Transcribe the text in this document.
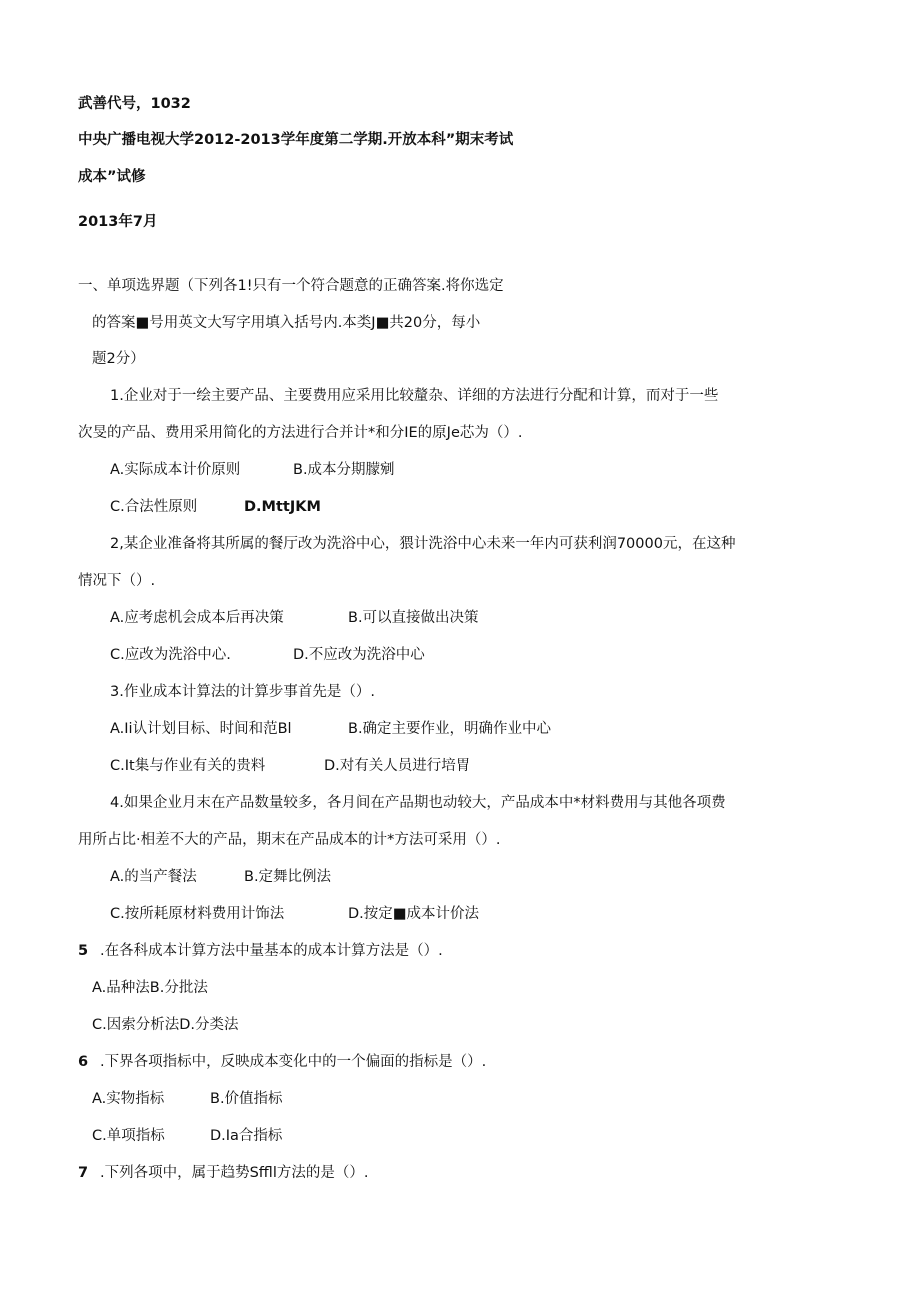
武善代号，1032
中央广播电视大学2012-2013学年度第二学期.开放本科”期末考试
成本”试修
2013年7月
一、单项选界题（下列各1!只有一个符合题意的正确答案.将你选定
的答案■号用英文大写字用填入括号内.本类J■共20分，每小
题2分）
1.企业对于一绘主要产品、主要费用应采用比较釐杂、详细的方法进行分配和计算，而对于一些
次旻的产品、费用采用简化的方法进行合并计*和分IE的原Je芯为（）.
A.实际成本计价原则	B.成本分期朦剜
C.合法性原则	D.MttJKM
2,某企业准备将其所属的餐厅改为洗浴中心，猥计洗浴中心未来一年内可获利润70000元，在这种
情况下（）.
A.应考虑机会成本后再决策	B.可以直接做出决策
C.应改为洗浴中心.	D.不应改为洗浴中心
3.作业成本计算法的计算步事首先是（）.
A.Ii认计划目标、时间和范Bl	B.确定主要作业，明确作业中心
C.It集与作业有关的贵料	D.对有关人员进行培胃
4.如果企业月末在产品数量较多，各月间在产品期也动较大，产品成本中*材料费用与其他各项费
用所占比·相差不大的产品，期末在产品成本的计*方法可采用（）.
A.的当产餐法	B.定舞比例法
C.按所耗原材料费用计饰法	D.按定■成本计价法
5 .在各科成本计算方法中量基本的成本计算方法是（）.
A.品种法B.分批法
C.因索分析法D.分类法
6 .下界各项指标中，反映成本变化中的一个偏面的指标是（）.
A.实物指标	B.价值指标
C.单项指标	D.Ia合指标
7 .下列各项中，属于趋势Sffll方法的是（）.
